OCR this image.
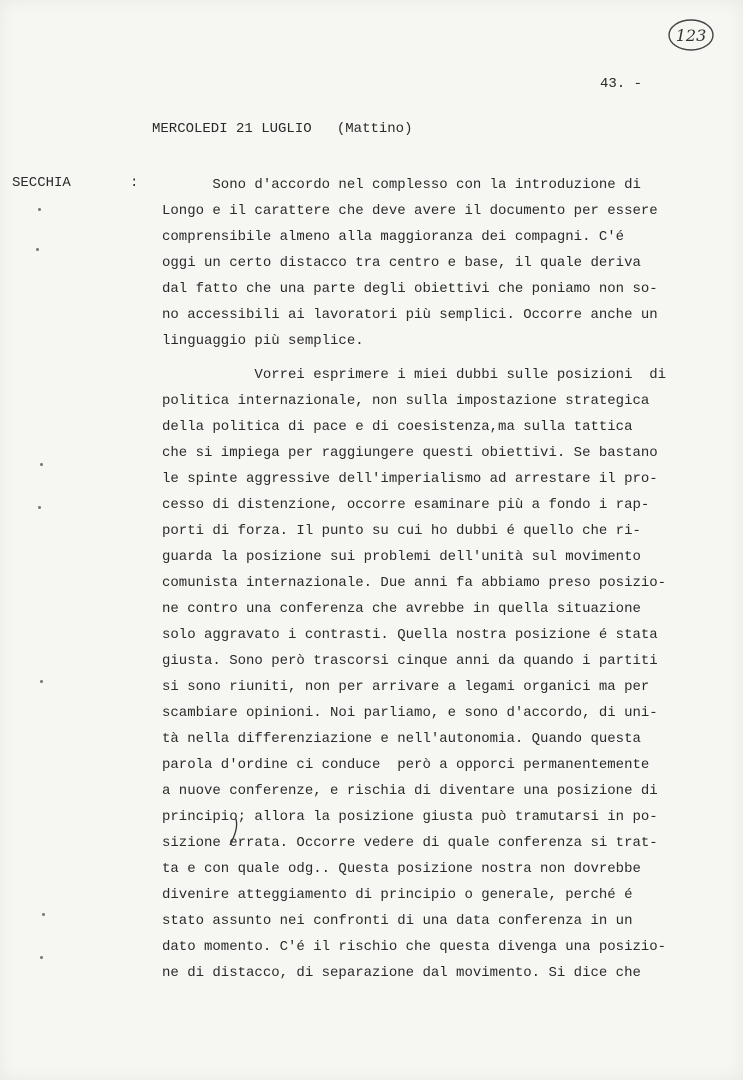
123
43. -
MERCOLEDI 21 LUGLIO (Mattino)
SECCHIA	: Sono d'accordo nel complesso con la introduzione di
Longo e il carattere che deve avere il documento per essere
comprensibile almeno alla maggioranza dei compagni. C'é
oggi un certo distacco tra centro e base, il quale deriva
dal fatto che una parte degli obiettivi che poniamo non so-
no accessibili ai lavoratori più semplici. Occorre anche un
linguaggio più semplice.
Vorrei esprimere i miei dubbi sulle posizioni  di
politica internazionale, non sulla impostazione strategica
della politica di pace e di coesistenza,ma sulla tattica
che si impiega per raggiungere questi obiettivi. Se bastano
le spinte aggressive dell'imperialismo ad arrestare il pro-
cesso di distenzione, occorre esaminare più a fondo i rap-
porti di forza. Il punto su cui ho dubbi é quello che ri-
guarda la posizione sui problemi dell'unità sul movimento
comunista internazionale. Due anni fa abbiamo preso posizio-
ne contro una conferenza che avrebbe in quella situazione
solo aggravato i contrasti. Quella nostra posizione é stata
giusta. Sono però trascorsi cinque anni da quando i partiti
si sono riuniti, non per arrivare a legami organici ma per
scambiare opinioni. Noi parliamo, e sono d'accordo, di uni-
tà nella differenziazione e nell'autonomia. Quando questa
parola d'ordine ci conduce  però a opporci permanentemente
a nuove conferenze, e rischia di diventare una posizione di
principio; allora la posizione giusta può tramutarsi in po-
sizione errata. Occorre vedere di quale conferenza si trat-
ta e con quale odg.. Questa posizione nostra non dovrebbe
divenire atteggiamento di principio o generale, perché é
stato assunto nei confronti di una data conferenza in un
dato momento. C'é il rischio che questa divenga una posizio-
ne di distacco, di separazione dal movimento. Si dice che
